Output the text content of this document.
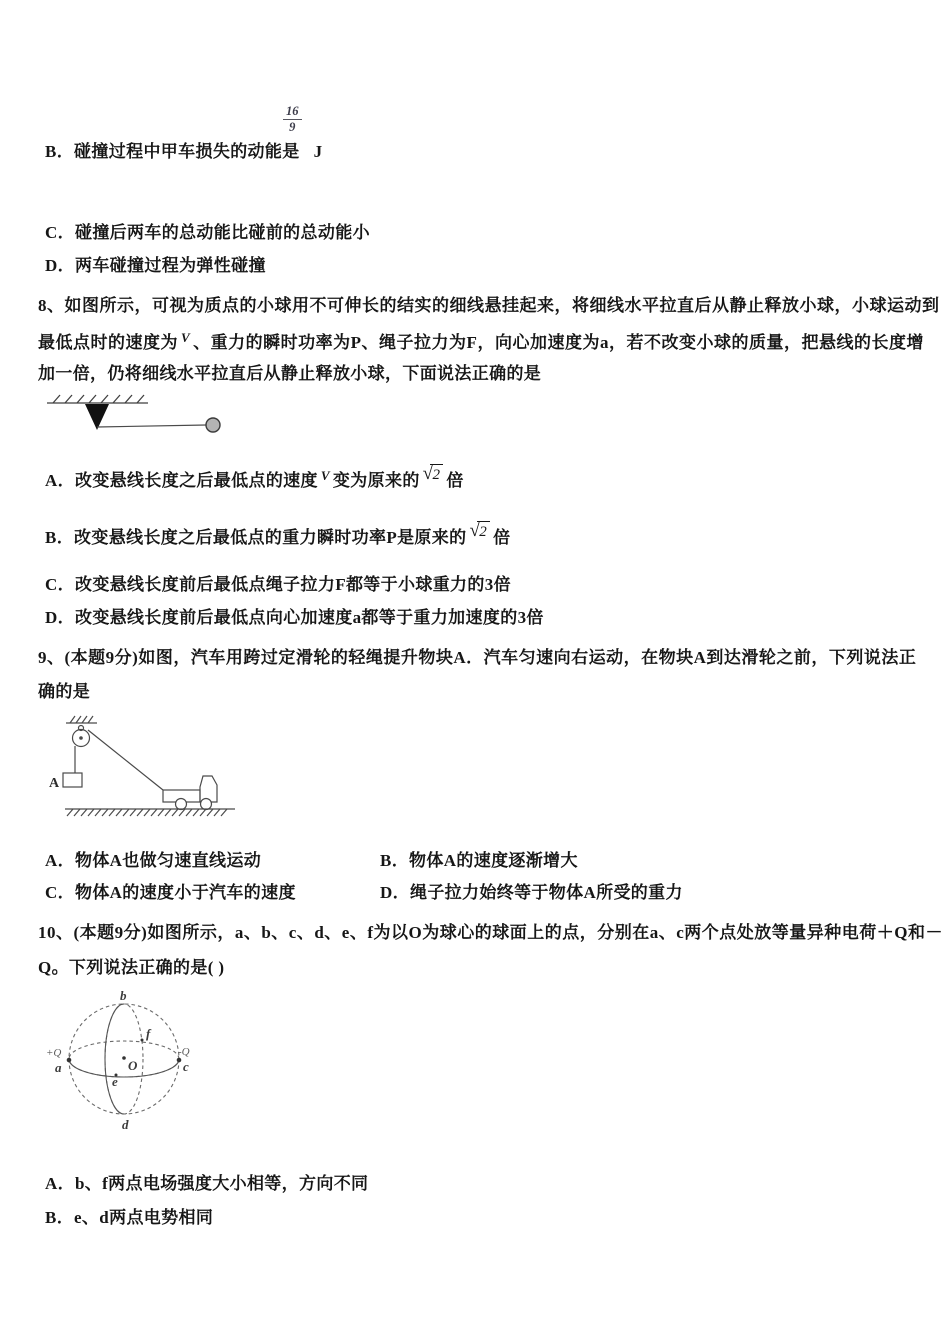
$\frac{16}{9}$
B．碰撞过程中甲车损失的动能是 J
C．碰撞后两车的总动能比碰前的总动能小
D．两车碰撞过程为弹性碰撞
8、如图所示，可视为质点的小球用不可伸长的结实的细线悬挂起来，将细线水平拉直后从静止释放小球，小球运动到
最低点时的速度为 $^V$ 、重力的瞬时功率为P、绳子拉力为F，向心加速度为a，若不改变小球的质量，把悬线的长度增
加一倍，仍将细线水平拉直后从静止释放小球，下面说法正确的是
A．改变悬线长度之后最低点的速度 $^V$ 变为原来的 √2 倍
B．改变悬线长度之后最低点的重力瞬时功率P是原来的 √2 倍
C．改变悬线长度前后最低点绳子拉力F都等于小球重力的3倍
D．改变悬线长度前后最低点向心加速度a都等于重力加速度的3倍
9、(本题9分)如图，汽车用跨过定滑轮的轻绳提升物块A．汽车匀速向右运动，在物块A到达滑轮之前，下列说法正
确的是
A
A．物体A也做匀速直线运动	B．物体A的速度逐渐增大
C．物体A的速度小于汽车的速度	D．绳子拉力始终等于物体A所受的重力
10、(本题9分)如图所示，a、b、c、d、e、f为以O为球心的球面上的点，分别在a、c两个点处放等量异种电荷＋Q和－
Q。下列说法正确的是( )
b
f
a	O
e
c
d
+Q	-Q
A．b、f两点电场强度大小相等，方向不同
B．e、d两点电势相同
